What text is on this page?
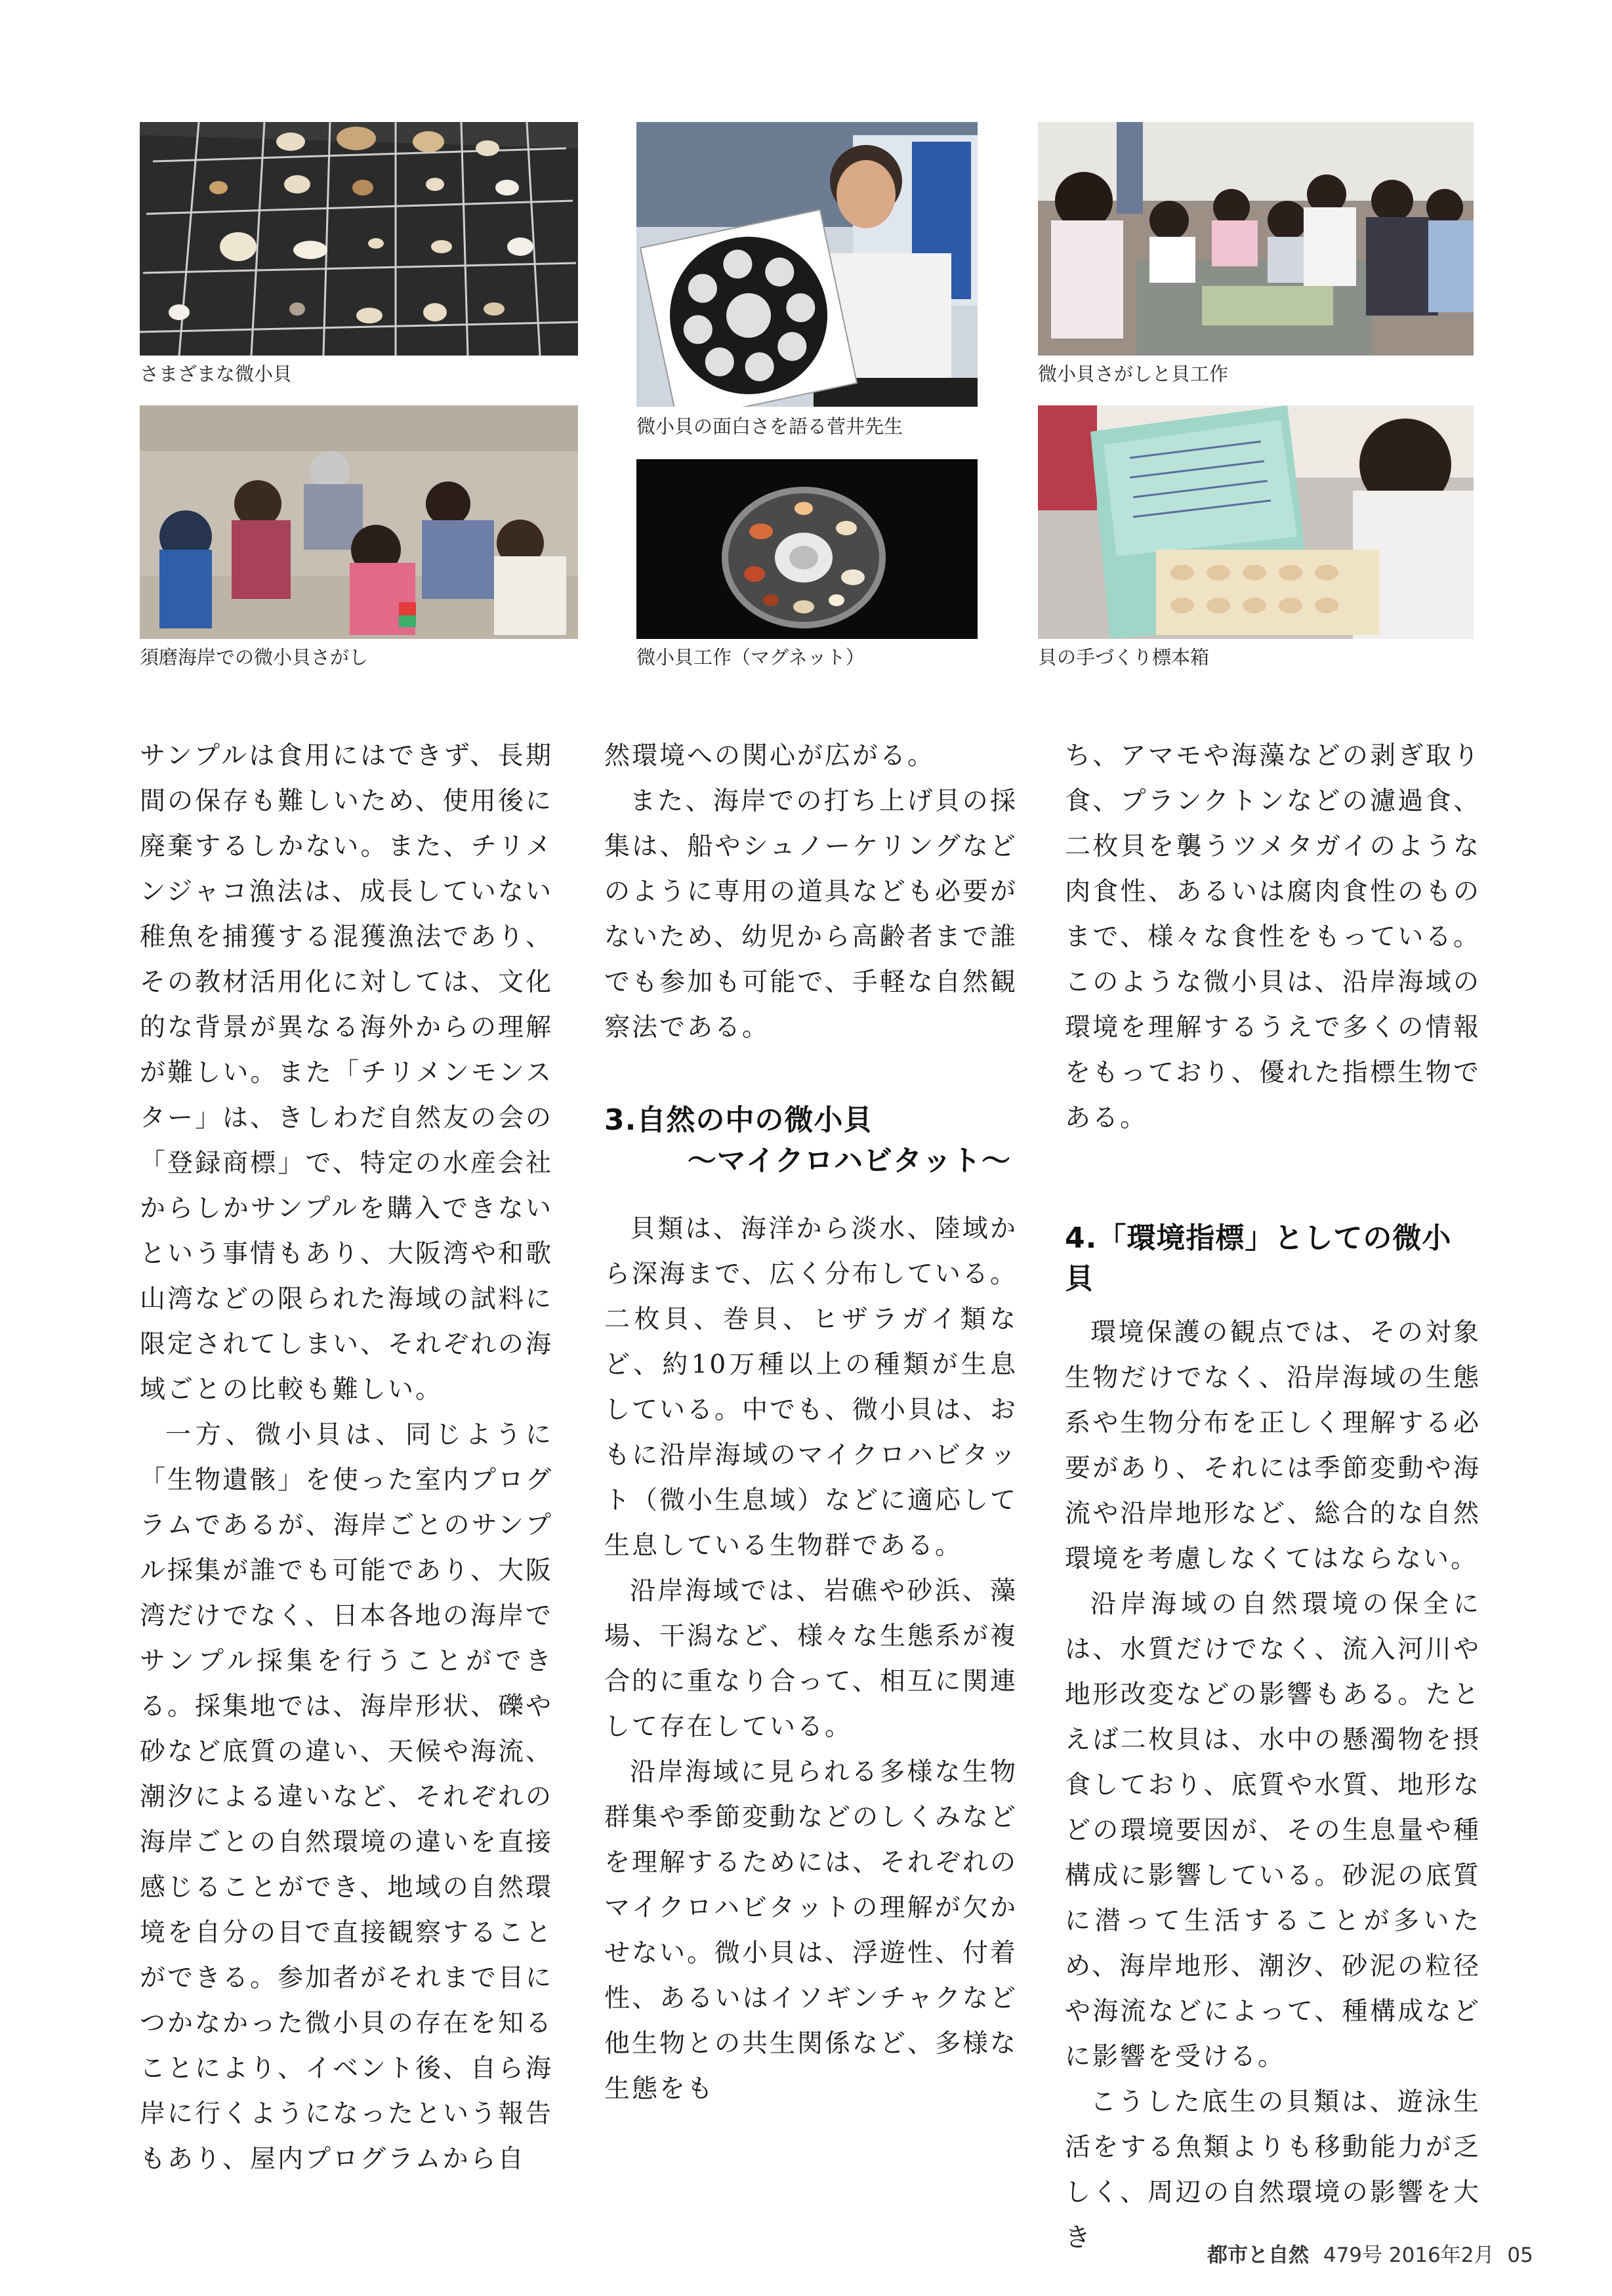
さまざまな微小貝
須磨海岸での微小貝さがし
微小貝の面白さを語る菅井先生
微小貝工作（マグネット）
微小貝さがしと貝工作
貝の手づくり標本箱

サンプルは食用にはできず、長期間の保存も難しいため、使用後に廃棄するしかない。また、チリメンジャコ漁法は、成長していない稚魚を捕獲する混獲漁法であり、その教材活用化に対しては、文化的な背景が異なる海外からの理解が難しい。また「チリメンモンスター」は、きしわだ自然友の会の「登録商標」で、特定の水産会社からしかサンプルを購入できないという事情もあり、大阪湾や和歌山湾などの限られた海域の試料に限定されてしまい、それぞれの海域ごとの比較も難しい。

一方、微小貝は、同じように「生物遺骸」を使った室内プログラムであるが、海岸ごとのサンプル採集が誰でも可能であり、大阪湾だけでなく、日本各地の海岸でサンプル採集を行うことができる。採集地では、海岸形状、礫や砂など底質の違い、天候や海流、潮汐による違いなど、それぞれの海岸ごとの自然環境の違いを直接感じることができ、地域の自然環境を自分の目で直接観察することができる。参加者がそれまで目につかなかった微小貝の存在を知ることにより、イベント後、自ら海岸に行くようになったという報告もあり、屋内プログラムから自

然環境への関心が広がる。

また、海岸での打ち上げ貝の採集は、船やシュノーケリングなどのように専用の道具なども必要がないため、幼児から高齢者まで誰でも参加も可能で、手軽な自然観察法である。

3.自然の中の微小貝
〜マイクロハビタット〜

貝類は、海洋から淡水、陸域から深海まで、広く分布している。二枚貝、巻貝、ヒザラガイ類など、約10万種以上の種類が生息している。中でも、微小貝は、おもに沿岸海域のマイクロハビタット（微小生息域）などに適応して生息している生物群である。

沿岸海域では、岩礁や砂浜、藻場、干潟など、様々な生態系が複合的に重なり合って、相互に関連して存在している。

沿岸海域に見られる多様な生物群集や季節変動などのしくみなどを理解するためには、それぞれのマイクロハビタットの理解が欠かせない。微小貝は、浮遊性、付着性、あるいはイソギンチャクなど他生物との共生関係など、多様な生態をも

ち、アマモや海藻などの剥ぎ取り食、プランクトンなどの濾過食、二枚貝を襲うツメタガイのような肉食性、あるいは腐肉食性のものまで、様々な食性をもっている。このような微小貝は、沿岸海域の環境を理解するうえで多くの情報をもっており、優れた指標生物である。

4.「環境指標」としての微小貝

環境保護の観点では、その対象生物だけでなく、沿岸海域の生態系や生物分布を正しく理解する必要があり、それには季節変動や海流や沿岸地形など、総合的な自然環境を考慮しなくてはならない。

沿岸海域の自然環境の保全には、水質だけでなく、流入河川や地形改変などの影響もある。たとえば二枚貝は、水中の懸濁物を摂食しており、底質や水質、地形などの環境要因が、その生息量や種構成に影響している。砂泥の底質に潜って生活することが多いため、海岸地形、潮汐、砂泥の粒径や海流などによって、種構成などに影響を受ける。

こうした底生の貝類は、遊泳生活をする魚類よりも移動能力が乏しく、周辺の自然環境の影響を大き

都市と自然 479号 2016年2月 05
